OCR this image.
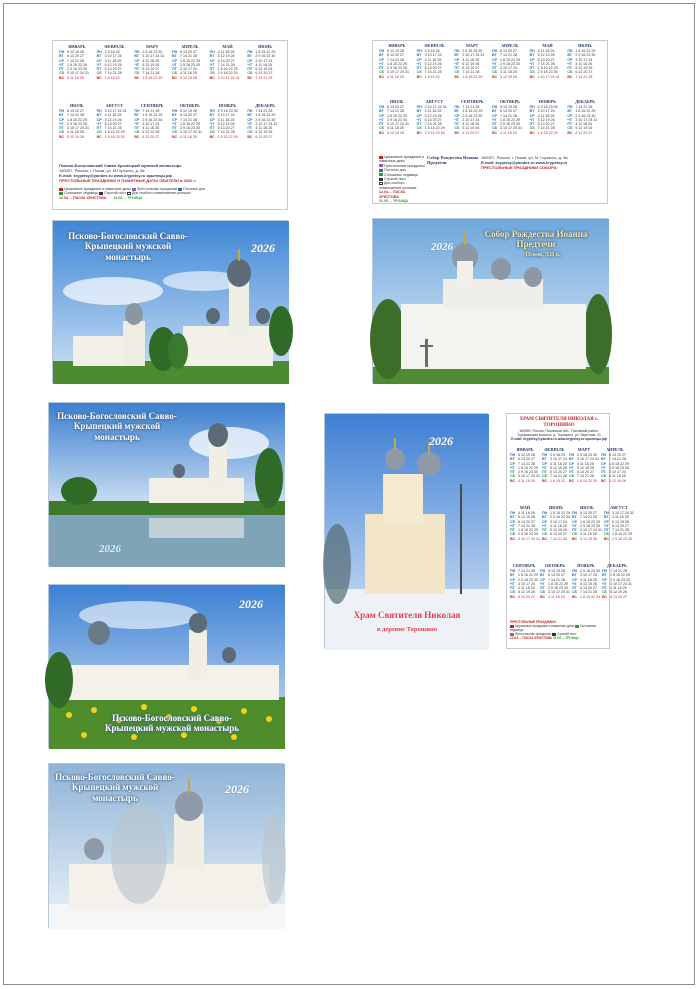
ЯНВАРЬ
ПН 5 12 19 26
ВТ 6 13 20 27
СР 7 14 21 28
ЧТ 1 8 15 22 29
ПТ 2 9 16 23 30
СБ 3 10 17 24 31
ВС 4 11 18 25
ФЕВРАЛЬ
ПН 2 9 16 23
ВТ 3 10 17 24
СР 4 11 18 25
ЧТ 5 12 19 26
ПТ 6 13 20 27
СБ 7 14 21 28
ВС 1 8 15 22
МАРТ
ПН 2 9 16 23 30
ВТ 3 10 17 24 31
СР 4 11 18 25
ЧТ 5 12 19 26
ПТ 6 13 20 27
СБ 7 14 21 28
ВС 1 8 15 22 29
АПРЕЛЬ
ПН 6 13 20 27
ВТ 7 14 21 28
СР 1 8 15 22 29
ЧТ 2 9 16 23 30
ПТ 3 10 17 24
СБ 4 11 18 25
ВС 5 12 19 26
МАЙ
ПН 4 11 18 25
ВТ 5 12 19 26
СР 6 13 20 27
ЧТ 7 14 21 28
ПТ 1 8 15 22 29
СБ 2 9 16 23 30
ВС 3 10 17 24 31
ИЮНЬ
ПН 1 8 15 22 29
ВТ 2 9 16 23 30
СР 3 10 17 24
ЧТ 4 11 18 25
ПТ 5 12 19 26
СБ 6 13 20 27
ВС 7 14 21 28
ИЮЛЬ
ПН 6 13 20 27
ВТ 7 14 21 28
СР 1 8 15 22 29
ЧТ 2 9 16 23 30
ПТ 3 10 17 24 31
СБ 4 11 18 25
ВС 5 12 19 26
АВГУСТ
ПН 3 10 17 24 31
ВТ 4 11 18 25
СР 5 12 19 26
ЧТ 6 13 20 27
ПТ 7 14 21 28
СБ 1 8 15 22 29
ВС 2 9 16 23 30
СЕНТЯБРЬ
ПН 7 14 21 28
ВТ 1 8 15 22 29
СР 2 9 16 23 30
ЧТ 3 10 17 24
ПТ 4 11 18 25
СБ 5 12 19 26
ВС 6 13 20 27
ОКТЯБРЬ
ПН 5 12 19 26
ВТ 6 13 20 27
СР 7 14 21 28
ЧТ 1 8 15 22 29
ПТ 2 9 16 23 30
СБ 3 10 17 24 31
ВС 4 11 18 25
НОЯБРЬ
ПН 2 9 16 23 30
ВТ 3 10 17 24
СР 4 11 18 25
ЧТ 5 12 19 26
ПТ 6 13 20 27
СБ 7 14 21 28
ВС 1 8 15 22 29
ДЕКАБРЬ
ПН 7 14 21 28
ВТ 1 8 15 22 29
СР 2 9 16 23 30
ЧТ 3 10 17 24 31
ПТ 4 11 18 25
СБ 5 12 19 26
ВС 6 13 20 27
Псково-Богословский Савво-Крыпецкий мужской монастырь
180007, Россия, г. Псков, ул. М.Горького, д. 5а
E-mail: krypetsy@yandex.ru www.krypetsy.ru крыпецы.рф
ПРЕСТОЛЬНЫЕ ПРАЗДНИКИ И ПАМЯТНЫЕ ДАТЫ ОБИТЕЛИ в 2026 г.
Церковные праздники и памятные даты Престольные праздники Постные дни
Сплошные седмицы Строгий пост Дни особого поминовения усопших
12.04. – ПАСХА ХРИСТОВА 31.05. – ТРОИЦА
ЯНВАРЬ
ПН 5 12 19 26
ВТ 6 13 20 27
СР 7 14 21 28
ЧТ 1 8 15 22 29
ПТ 2 9 16 23 30
СБ 3 10 17 24 31
ВС 4 11 18 25
ФЕВРАЛЬ
ПН 2 9 16 23
ВТ 3 10 17 24
СР 4 11 18 25
ЧТ 5 12 19 26
ПТ 6 13 20 27
СБ 7 14 21 28
ВС 1 8 15 22
МАРТ
ПН 2 9 16 23 30
ВТ 3 10 17 24 31
СР 4 11 18 25
ЧТ 5 12 19 26
ПТ 6 13 20 27
СБ 7 14 21 28
ВС 1 8 15 22 29
АПРЕЛЬ
ПН 6 13 20 27
ВТ 7 14 21 28
СР 1 8 15 22 29
ЧТ 2 9 16 23 30
ПТ 3 10 17 24
СБ 4 11 18 25
ВС 5 12 19 26
МАЙ
ПН 4 11 18 25
ВТ 5 12 19 26
СР 6 13 20 27
ЧТ 7 14 21 28
ПТ 1 8 15 22 29
СБ 2 9 16 23 30
ВС 3 10 17 24 31
ИЮНЬ
ПН 1 8 15 22 29
ВТ 2 9 16 23 30
СР 3 10 17 24
ЧТ 4 11 18 25
ПТ 5 12 19 26
СБ 6 13 20 27
ВС 7 14 21 28
ИЮЛЬ
ПН 6 13 20 27
ВТ 7 14 21 28
СР 1 8 15 22 29
ЧТ 2 9 16 23 30
ПТ 3 10 17 24 31
СБ 4 11 18 25
ВС 5 12 19 26
АВГУСТ
ПН 3 10 17 24 31
ВТ 4 11 18 25
СР 5 12 19 26
ЧТ 6 13 20 27
ПТ 7 14 21 28
СБ 1 8 15 22 29
ВС 2 9 16 23 30
СЕНТЯБРЬ
ПН 7 14 21 28
ВТ 1 8 15 22 29
СР 2 9 16 23 30
ЧТ 3 10 17 24
ПТ 4 11 18 25
СБ 5 12 19 26
ВС 6 13 20 27
ОКТЯБРЬ
ПН 5 12 19 26
ВТ 6 13 20 27
СР 7 14 21 28
ЧТ 1 8 15 22 29
ПТ 2 9 16 23 30
СБ 3 10 17 24 31
ВС 4 11 18 25
НОЯБРЬ
ПН 2 9 16 23 30
ВТ 3 10 17 24
СР 4 11 18 25
ЧТ 5 12 19 26
ПТ 6 13 20 27
СБ 7 14 21 28
ВС 1 8 15 22 29
ДЕКАБРЬ
ПН 7 14 21 28
ВТ 1 8 15 22 29
СР 2 9 16 23 30
ЧТ 3 10 17 24 31
ПТ 4 11 18 25
СБ 5 12 19 26
ВС 6 13 20 27
180007, Россия, г. Псков, ул. М. Горького, д. 5а
E-mail: krypetsy@yandex.ru www.krypetsy.ru
ПРЕСТОЛЬНЫЕ ПРАЗДНИКИ СОБОРА:
Собор Рождества Иоанна Предтечи
Церковные праздники и памятные даты
Престольные праздники
Постные дни
Сплошные седмицы
Строгий пост
Дни особого поминовения усопших
12.04. – ПАСХА ХРИСТОВА
31.05. – ТРОИЦА
Псково-Богословский Савво-Крыпецкий мужской монастырь
2026
Собор Рождества Иоанна Предтечи
Псков, XII в.
2026
Псково-Богословский Савво-Крыпецкий мужской монастырь
2026
2026
Храм Святителя Николая
в деревне Торошино
ХРАМ СВЯТИТЕЛЯ НИКОЛАЯ с. ТОРОШИНО
180550, Россия, Псковская обл., Псковский район, Торошинская волость, д. Торошино, ул. Заречная, 41
E-mail: krypetsy@yandex.ru www.krypetsy.ru крыпецы.рф
ЯНВАРЬ
ПН 5 12 19 26
ВТ 6 13 20 27
СР 7 14 21 28
ЧТ 1 8 15 22 29
ПТ 2 9 16 23 30
СБ 3 10 17 24 31
ВС 4 11 18 25
ФЕВРАЛЬ
ПН 2 9 16 23
ВТ 3 10 17 24
СР 4 11 18 25
ЧТ 5 12 19 26
ПТ 6 13 20 27
СБ 7 14 21 28
ВС 1 8 15 22
МАРТ
ПН 2 9 16 23 30
ВТ 3 10 17 24 31
СР 4 11 18 25
ЧТ 5 12 19 26
ПТ 6 13 20 27
СБ 7 14 21 28
ВС 1 8 15 22 29
АПРЕЛЬ
ПН 6 13 20 27
ВТ 7 14 21 28
СР 1 8 15 22 29
ЧТ 2 9 16 23 30
ПТ 3 10 17 24
СБ 4 11 18 25
ВС 5 12 19 26
МАЙ
ПН 4 11 18 25
ВТ 5 12 19 26
СР 6 13 20 27
ЧТ 7 14 21 28
ПТ 1 8 15 22 29
СБ 2 9 16 23 30
ВС 3 10 17 24 31
ИЮНЬ
ПН 1 8 15 22 29
ВТ 2 9 16 23 30
СР 3 10 17 24
ЧТ 4 11 18 25
ПТ 5 12 19 26
СБ 6 13 20 27
ВС 7 14 21 28
ИЮЛЬ
ПН 6 13 20 27
ВТ 7 14 21 28
СР 1 8 15 22 29
ЧТ 2 9 16 23 30
ПТ 3 10 17 24 31
СБ 4 11 18 25
ВС 5 12 19 26
АВГУСТ
ПН 3 10 17 24 31
ВТ 4 11 18 25
СР 5 12 19 26
ЧТ 6 13 20 27
ПТ 7 14 21 28
СБ 1 8 15 22 29
ВС 2 9 16 23 30
СЕНТЯБРЬ
ПН 7 14 21 28
ВТ 1 8 15 22 29
СР 2 9 16 23 30
ЧТ 3 10 17 24
ПТ 4 11 18 25
СБ 5 12 19 26
ВС 6 13 20 27
ОКТЯБРЬ
ПН 5 12 19 26
ВТ 6 13 20 27
СР 7 14 21 28
ЧТ 1 8 15 22 29
ПТ 2 9 16 23 30
СБ 3 10 17 24 31
ВС 4 11 18 25
НОЯБРЬ
ПН 2 9 16 23 30
ВТ 3 10 17 24
СР 4 11 18 25
ЧТ 5 12 19 26
ПТ 6 13 20 27
СБ 7 14 21 28
ВС 1 8 15 22 29
ДЕКАБРЬ
ПН 7 14 21 28
ВТ 1 8 15 22 29
СР 2 9 16 23 30
ЧТ 3 10 17 24 31
ПТ 4 11 18 25
СБ 5 12 19 26
ВС 6 13 20 27
ПРЕСТОЛЬНЫЕ ПРАЗДНИКИ:
Церковные праздники и памятные даты Сплошные седмицы
Престольные праздники Строгий пост
12.04. – ПАСХА ХРИСТОВА 31.05. – ТРОИЦА
Псково-Богословский Савво-Крыпецкий мужской монастырь
2026
Псково-Богословский Савво-Крыпецкий мужской монастырь
2026
